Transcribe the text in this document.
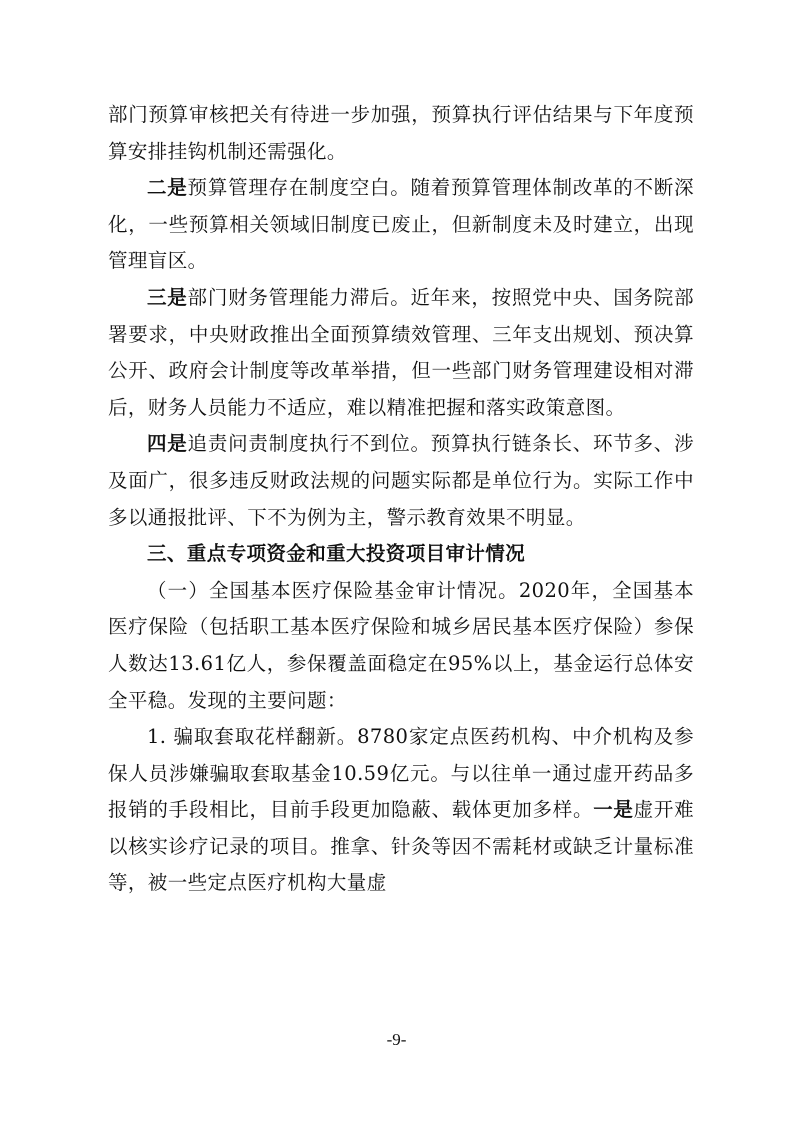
部门预算审核把关有待进一步加强，预算执行评估结果与下年度预算安排挂钩机制还需强化。

二是预算管理存在制度空白。随着预算管理体制改革的不断深化，一些预算相关领域旧制度已废止，但新制度未及时建立，出现管理盲区。

三是部门财务管理能力滞后。近年来，按照党中央、国务院部署要求，中央财政推出全面预算绩效管理、三年支出规划、预决算公开、政府会计制度等改革举措，但一些部门财务管理建设相对滞后，财务人员能力不适应，难以精准把握和落实政策意图。

四是追责问责制度执行不到位。预算执行链条长、环节多、涉及面广，很多违反财政法规的问题实际都是单位行为。实际工作中多以通报批评、下不为例为主，警示教育效果不明显。

三、重点专项资金和重大投资项目审计情况

（一）全国基本医疗保险基金审计情况。2020年，全国基本医疗保险（包括职工基本医疗保险和城乡居民基本医疗保险）参保人数达13.61亿人，参保覆盖面稳定在95%以上，基金运行总体安全平稳。发现的主要问题：

1. 骗取套取花样翻新。8780家定点医药机构、中介机构及参保人员涉嫌骗取套取基金10.59亿元。与以往单一通过虚开药品多报销的手段相比，目前手段更加隐蔽、载体更加多样。一是虚开难以核实诊疗记录的项目。推拿、针灸等因不需耗材或缺乏计量标准等，被一些定点医疗机构大量虚

-9-
